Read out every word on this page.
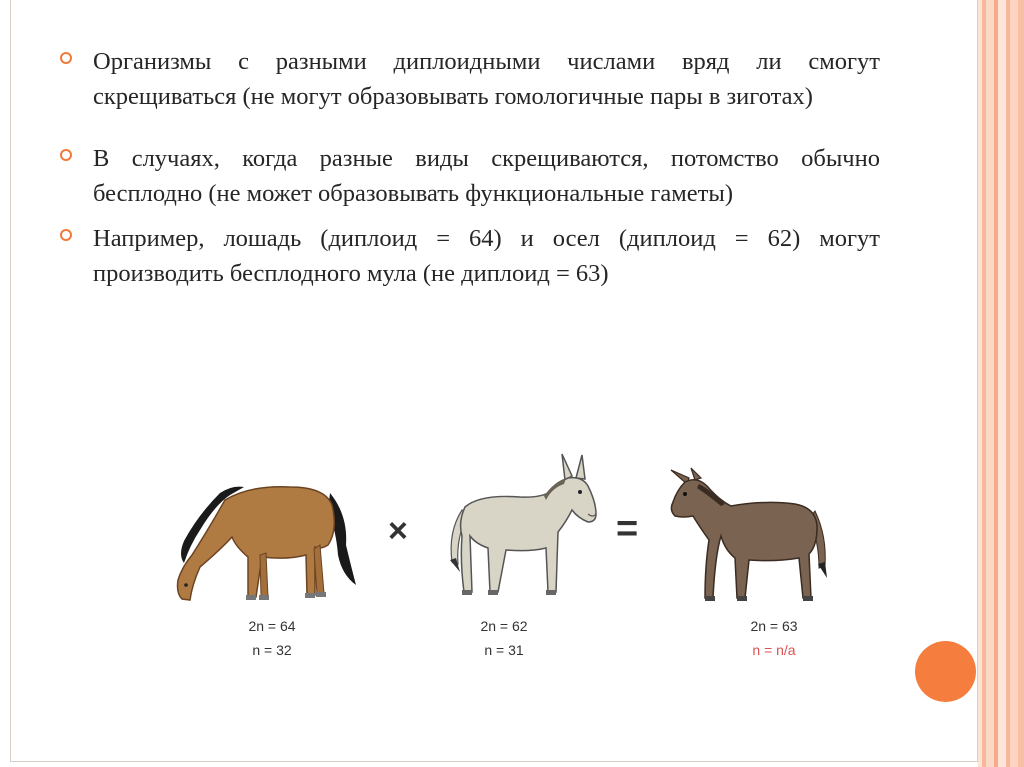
Организмы с разными диплоидными числами вряд ли смогут скрещиваться (не могут образовывать гомологичные пары в зиготах)
В случаях, когда разные виды скрещиваются, потомство обычно бесплодно (не может образовывать функциональные гаметы)
Например, лошадь (диплоид = 64) и осел (диплоид = 62) могут производить бесплодного мула (не диплоид = 63)
×	=
2n = 64
n = 32
2n = 62
n = 31
2n = 63
n = n/a
